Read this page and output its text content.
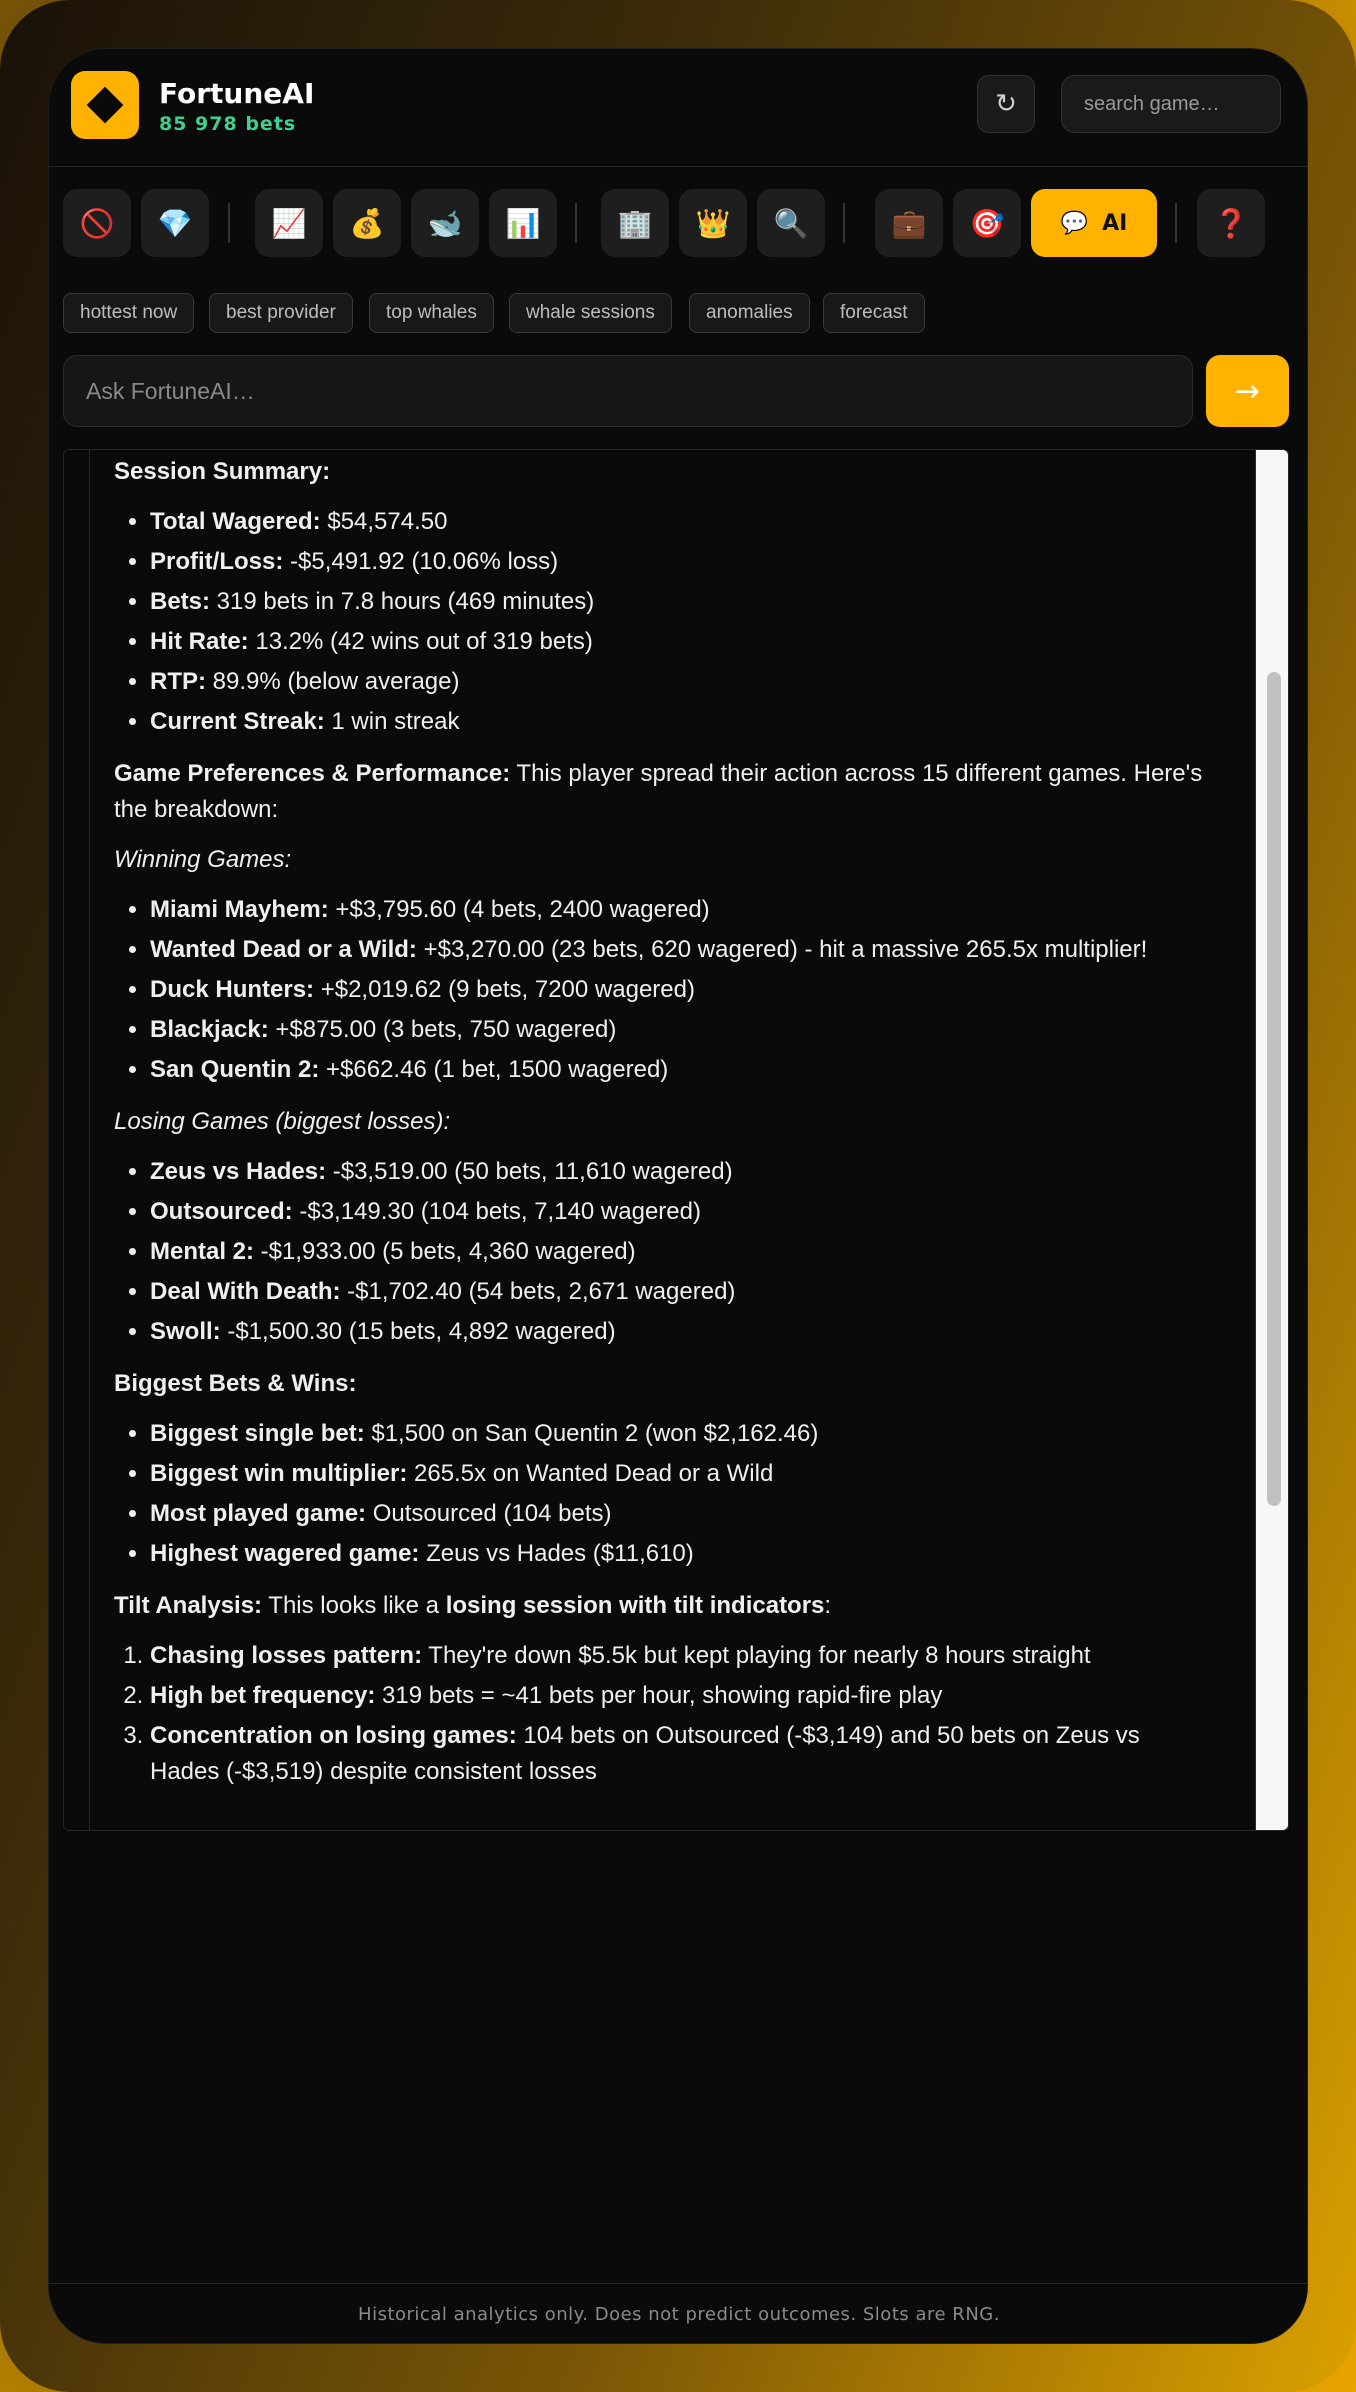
FortuneAI
85 978 bets
↻
search game…
🚫 💎	📈 💰 🐋 📊	🏢 👑 🔍	💼 🎯	💬 AI	❓
hottest now	best provider	top whales	whale sessions	anomalies	forecast
Ask FortuneAI…
→

Session Summary:

• Total Wagered: $54,574.50
• Profit/Loss: -$5,491.92 (10.06% loss)
• Bets: 319 bets in 7.8 hours (469 minutes)
• Hit Rate: 13.2% (42 wins out of 319 bets)
• RTP: 89.9% (below average)
• Current Streak: 1 win streak

Game Preferences & Performance: This player spread their action across 15 different games. Here's the breakdown:

Winning Games:

• Miami Mayhem: +$3,795.60 (4 bets, 2400 wagered)
• Wanted Dead or a Wild: +$3,270.00 (23 bets, 620 wagered) - hit a massive 265.5x multiplier!
• Duck Hunters: +$2,019.62 (9 bets, 7200 wagered)
• Blackjack: +$875.00 (3 bets, 750 wagered)
• San Quentin 2: +$662.46 (1 bet, 1500 wagered)

Losing Games (biggest losses):

• Zeus vs Hades: -$3,519.00 (50 bets, 11,610 wagered)
• Outsourced: -$3,149.30 (104 bets, 7,140 wagered)
• Mental 2: -$1,933.00 (5 bets, 4,360 wagered)
• Deal With Death: -$1,702.40 (54 bets, 2,671 wagered)
• Swoll: -$1,500.30 (15 bets, 4,892 wagered)

Biggest Bets & Wins:

• Biggest single bet: $1,500 on San Quentin 2 (won $2,162.46)
• Biggest win multiplier: 265.5x on Wanted Dead or a Wild
• Most played game: Outsourced (104 bets)
• Highest wagered game: Zeus vs Hades ($11,610)

Tilt Analysis: This looks like a losing session with tilt indicators:

1. Chasing losses pattern: They're down $5.5k but kept playing for nearly 8 hours straight
2. High bet frequency: 319 bets = ~41 bets per hour, showing rapid-fire play
3. Concentration on losing games: 104 bets on Outsourced (-$3,149) and 50 bets on Zeus vs Hades (-$3,519) despite consistent losses
Historical analytics only. Does not predict outcomes. Slots are RNG.
